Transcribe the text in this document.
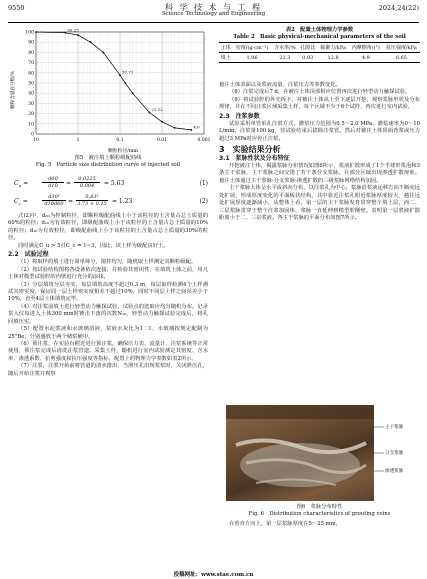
9550	科 学 技 术 与 工 程
Science Technology and Engineering
2024,24(22)
颗粒含量百分数/%
颗粒粒径/mm
100
90
80
70
60
50
40
30
20
10
0
0.001
0.01
0.1
1
10
99.25
57.71
21.12
4.0
图5　被注填土颗粒级配曲线
Fig. 5　Particle size distribution curve of injected soil
$C_u$ =
d60
d10	=
0.0225
0.004	= 5.63	(1)
$C_c$ =
d30²
d10d60 =
0.83²
3.73 × 0.15 = 1.23	(2)
式(2)中，d₆₀为控制粒径，即颗粒级配曲线上小于该粒径的土含量占总土质量的60%的粒径；d₁₀为有效粒径，即级配曲线上小于该粒径的土含量占总土质量的10%的粒径；d₃₀为有效粒径，即级配曲线上小于该粒径的土含量占总土质量的30%的粒径。
同时满足C_u > 5且C_c = 1~3，因此，该土样为级配良好土。
2.2　试验过程
（1）将取样的填土进行简单筛分，搅拌均匀，随机取土样测定其颗粒级配。
（2）按试验结构图将各设备依次连接，并检验其密闭性，在填筑土体之前，用凡士林对模型试验腔的内壁进行充分的涂抹。
（3）分层填筑分层夯实，每层填筑高度不超过0.3 m，每层取样检测4个土样测试其密实度，保证同一层土样密实度相差不超过10%，同时不同层土样之间误差小于10%，直至4层土体填筑完毕。
（4）对注浆前填土进行轻型动力触探试验，试验点的选取应均匀随机分布。记录贯入仪每进入土体300 mm时锤击下落的次数N₁₀，轻型动力触探试验完成后，将孔回填压实。
（5）配置水泥浆液和水玻璃溶液，浆液水灰比为1∶1，水玻璃按规定配制为25°Be，分别盛放于两个储浆桶中。
（6）预注浆，在实验台附近进行预注浆，确保压力表、流量计、注浆系统等正常使用，预注浆完成后清洗注浆管道。采集土样，随机进行室内试验测定其密度、含水率、渗透系数、抗剪强度和抗压强度等指标，配置上的物理力学参数如表2所示。
（7）注浆，注浆开始前将管道的清水排出，当泄压孔出现浆浆时，关闭泄压孔，随后开始注浆并观察
表2　配置土体物理力学参数
Table 2　Basic physical-mechanical parameters of the soil
土体	密度/(g·cm⁻³)	含水率/%	孔隙比	黏聚力/kPa	内摩擦角/(°)	抗压强度/kPa
填土	1.96	21.3	0.93	12.8	4.9	6.65
被注土体表面以及浆液流量、注浆压力等参数变化。
（8）注浆完成后7 d，在被注土体顶部相应位置再次进行轻型动力触探试验。
（9）将试验腔的外壳拆下，对被注土体从上至下逐层开挖，观察浆脉形状及分布规律，并在不同注浆区域采集土样，每个区域不少于6个试样，再次进行室内试验。
2.3　注浆参数
试验采用单管单孔注浆方式，灌浆压力范围为0.5～2.0 MPa，灌浆速率为0～10 L/min，注浆量100 kg，待试验结束后拔除注浆管。然后对被注土体顶面背浆或压力超过3 MPa时应停止注浆。
3　实验结果分析
3.1　浆脉性状及分布特征
开挖被注土体，揭露浆脉分布情况如图6所示，浆液扩散形成了1个半球形浆泡和3条主干浆脉，主干浆脉之间交错了若干条分支浆脉，在部分区域出现渗透扩散现象。被注土体通过主干浆脉-分支浆脉-渗透扩散的三级浆脉网络结构加固。
主干浆脉大体呈水平或斜向分布，以注浆孔为中心，浆脉沿浆液运移方向不断向远处扩展，形成厚度变化的平面板状结构，其中靠近注浆孔附近浆脉厚度较大，越往远处扩展厚度逐渐减小，从整体上看，第一层的主干浆脉发育贯穿整个填土层，而二、三层浆脉贯穿于整个注浆加固体，浆脉一直延伸到模型腔侧壁。表明第一层浆液扩散距离小于二、三层浆液。各主干浆脉的平面分布如图7所示。
主干浆脉
分支浆脉
渗透浆脉
图6　浆脉分布特性
Fig. 6　Distribution characteristics of grouting veins
在垂直方向上，第一层浆脉厚度在5～25 mm，
投稿网址：www.stae.com.cn
